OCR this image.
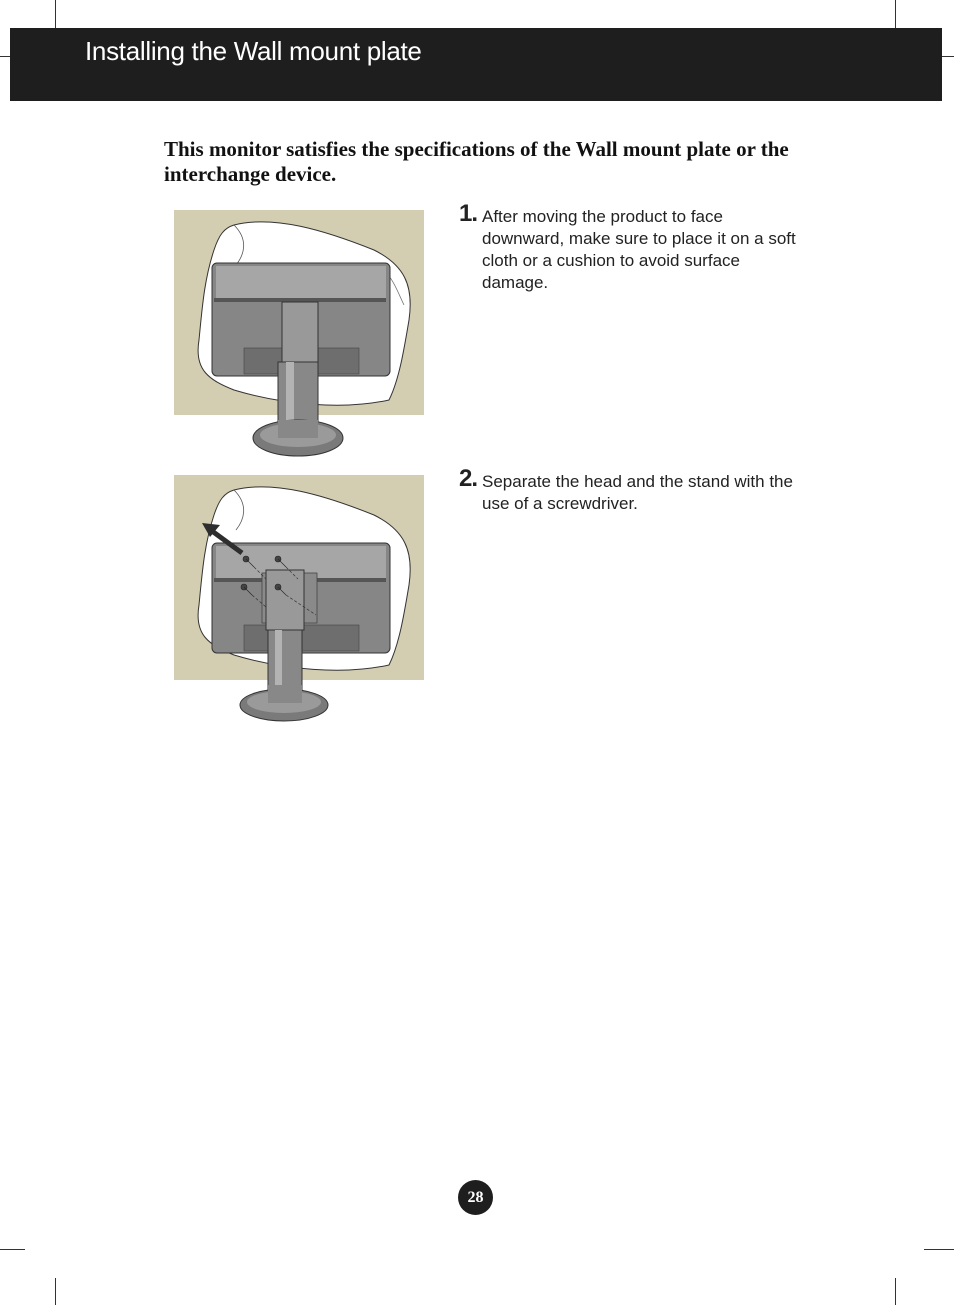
Installing the Wall mount plate
This monitor satisfies the specifications of the Wall mount plate or the interchange device.
1. After moving the product to face downward, make sure to place it on a soft cloth or a cushion to avoid surface damage.
2. Separate the head and the stand with the use of a screwdriver.
28
